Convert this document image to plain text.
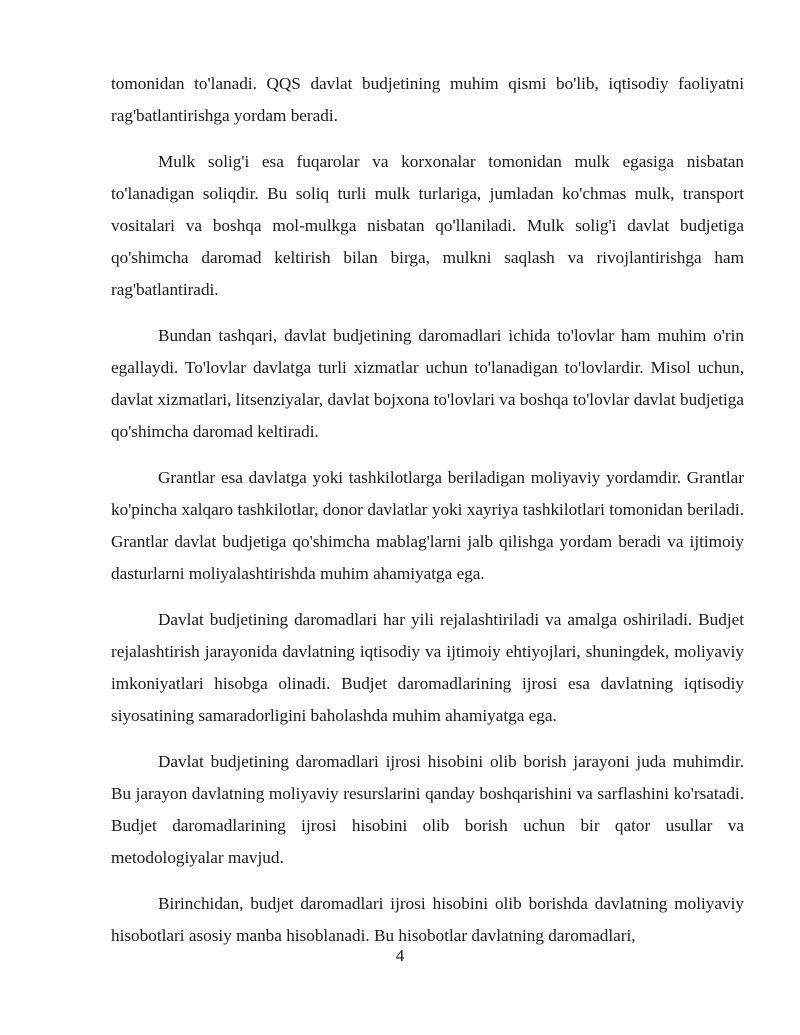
tomonidan to'lanadi. QQS davlat budjetining muhim qismi bo'lib, iqtisodiy faoliyatni rag'batlantirishga yordam beradi.

Mulk solig'i esa fuqarolar va korxonalar tomonidan mulk egasiga nisbatan to'lanadigan soliqdir. Bu soliq turli mulk turlariga, jumladan ko'chmas mulk, transport vositalari va boshqa mol-mulkga nisbatan qo'llaniladi. Mulk solig'i davlat budjetiga qo'shimcha daromad keltirish bilan birga, mulkni saqlash va rivojlantirishga ham rag'batlantiradi.

Bundan tashqari, davlat budjetining daromadlari ichida to'lovlar ham muhim o'rin egallaydi. To'lovlar davlatga turli xizmatlar uchun to'lanadigan to'lovlardir. Misol uchun, davlat xizmatlari, litsenziyalar, davlat bojxona to'lovlari va boshqa to'lovlar davlat budjetiga qo'shimcha daromad keltiradi.

Grantlar esa davlatga yoki tashkilotlarga beriladigan moliyaviy yordamdir. Grantlar ko'pincha xalqaro tashkilotlar, donor davlatlar yoki xayriya tashkilotlari tomonidan beriladi. Grantlar davlat budjetiga qo'shimcha mablag'larni jalb qilishga yordam beradi va ijtimoiy dasturlarni moliyalashtirishda muhim ahamiyatga ega.

Davlat budjetining daromadlari har yili rejalashtiriladi va amalga oshiriladi. Budjet rejalashtirish jarayonida davlatning iqtisodiy va ijtimoiy ehtiyojlari, shuningdek, moliyaviy imkoniyatlari hisobga olinadi. Budjet daromadlarining ijrosi esa davlatning iqtisodiy siyosatining samaradorligini baholashda muhim ahamiyatga ega.

Davlat budjetining daromadlari ijrosi hisobini olib borish jarayoni juda muhimdir. Bu jarayon davlatning moliyaviy resurslarini qanday boshqarishini va sarflashini ko'rsatadi. Budjet daromadlarining ijrosi hisobini olib borish uchun bir qator usullar va metodologiyalar mavjud.

Birinchidan, budjet daromadlari ijrosi hisobini olib borishda davlatning moliyaviy hisobotlari asosiy manba hisoblanadi. Bu hisobotlar davlatning daromadlari,

4
